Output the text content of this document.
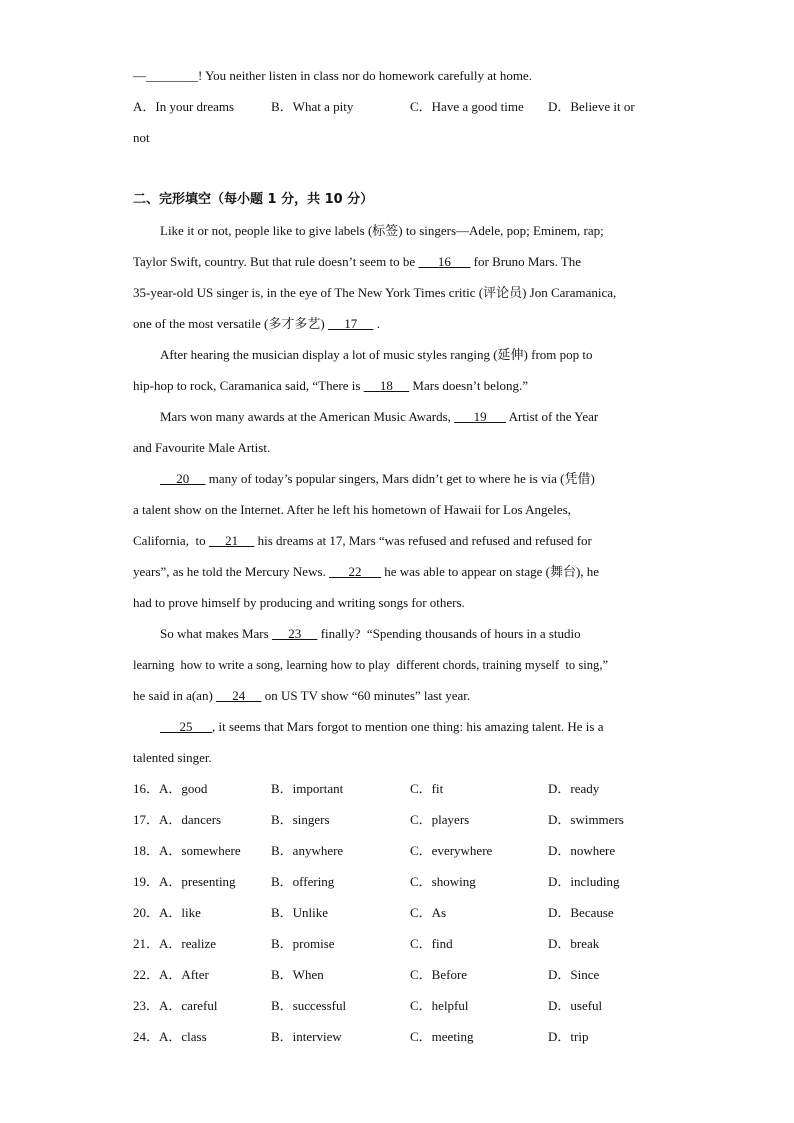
—________! You neither listen in class nor do homework carefully at home.
A．In your dreams	B．What a pity	C．Have a good time D．Believe it or
not
二、完形填空（每小题 1 分，共 10 分）
Like it or not, people like to give labels (标签) to singers—Adele, pop; Eminem, rap;
Taylor Swift, country. But that rule doesn’t seem to be       16       for Bruno Mars. The
35-year-old US singer is, in the eye of The New York Times critic (评论员) Jon Caramanica,
one of the most versatile (多才多艺)      17      .
After hearing the musician display a lot of music styles ranging (延伸) from pop to
hip-hop to rock, Caramanica said, “There is      18      Mars doesn’t belong.”
Mars won many awards at the American Music Awards,       19       Artist of the Year
and Favourite Male Artist.
20      many of today’s popular singers, Mars didn’t get to where he is via (凭借)
a talent show on the Internet. After he left his hometown of Hawaii for Los Angeles,
California,  to      21      his dreams at 17, Mars “was refused and refused and refused for
years”, as he told the Mercury News.       22       he was able to appear on stage (舞台), he
had to prove himself by producing and writing songs for others.
So what makes Mars      23      finally?  “Spending thousands of hours in a studio
learning  how to write a song, learning how to play  different chords, training myself  to sing,”
he said in a(an)      24      on US TV show “60 minutes” last year.
25      , it seems that Mars forgot to mention one thing: his amazing talent. He is a
talented singer.
16．A．good	B．important	C．fit	D．ready
17．A．dancers	B．singers	C．players	D．swimmers
18．A．somewhere B．anywhere	C．everywhere	D．nowhere
19．A．presenting	B．offering	C．showing	D．including
20．A．like	B．Unlike	C．As	D．Because
21．A．realize	B．promise	C．find	D．break
22．A．After	B．When	C．Before	D．Since
23．A．careful	B．successful	C．helpful	D．useful
24．A．class	B．interview	C．meeting	D．trip
